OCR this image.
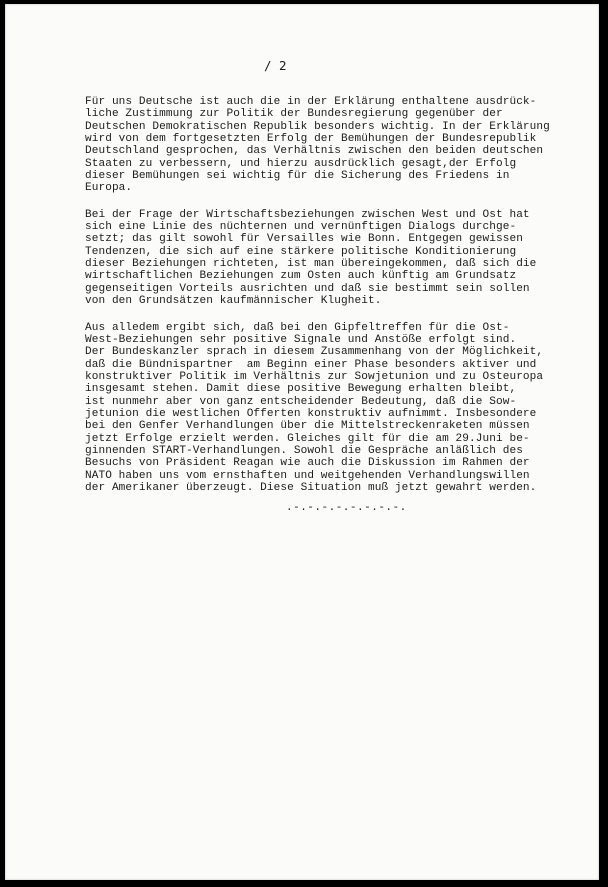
/ 2

Für uns Deutsche ist auch die in der Erklärung enthaltene ausdrück-
liche Zustimmung zur Politik der Bundesregierung gegenüber der
Deutschen Demokratischen Republik besonders wichtig. In der Erklärung
wird von dem fortgesetzten Erfolg der Bemühungen der Bundesrepublik
Deutschland gesprochen, das Verhältnis zwischen den beiden deutschen
Staaten zu verbessern, und hierzu ausdrücklich gesagt,der Erfolg
dieser Bemühungen sei wichtig für die Sicherung des Friedens in
Europa.

Bei der Frage der Wirtschaftsbeziehungen zwischen West und Ost hat
sich eine Linie des nüchternen und vernünftigen Dialogs durchge-
setzt; das gilt sowohl für Versailles wie Bonn. Entgegen gewissen
Tendenzen, die sich auf eine stärkere politische Konditionierung
dieser Beziehungen richteten, ist man übereingekommen, daß sich die
wirtschaftlichen Beziehungen zum Osten auch künftig am Grundsatz
gegenseitigen Vorteils ausrichten und daß sie bestimmt sein sollen
von den Grundsätzen kaufmännischer Klugheit.

Aus alledem ergibt sich, daß bei den Gipfeltreffen für die Ost-
West-Beziehungen sehr positive Signale und Anstöße erfolgt sind.
Der Bundeskanzler sprach in diesem Zusammenhang von der Möglichkeit,
daß die Bündnispartner  am Beginn einer Phase besonders aktiver und
konstruktiver Politik im Verhältnis zur Sowjetunion und zu Osteuropa
insgesamt stehen. Damit diese positive Bewegung erhalten bleibt,
ist nunmehr aber von ganz entscheidender Bedeutung, daß die Sow-
jetunion die westlichen Offerten konstruktiv aufnimmt. Insbesondere
bei den Genfer Verhandlungen über die Mittelstreckenraketen müssen
jetzt Erfolge erzielt werden. Gleiches gilt für die am 29.Juni be-
ginnenden START-Verhandlungen. Sowohl die Gespräche anläßlich des
Besuchs von Präsident Reagan wie auch die Diskussion im Rahmen der
NATO haben uns vom ernsthaften und weitgehenden Verhandlungswillen
der Amerikaner überzeugt. Diese Situation muß jetzt gewahrt werden.

.-.-.-.-.-.-.-.-.
